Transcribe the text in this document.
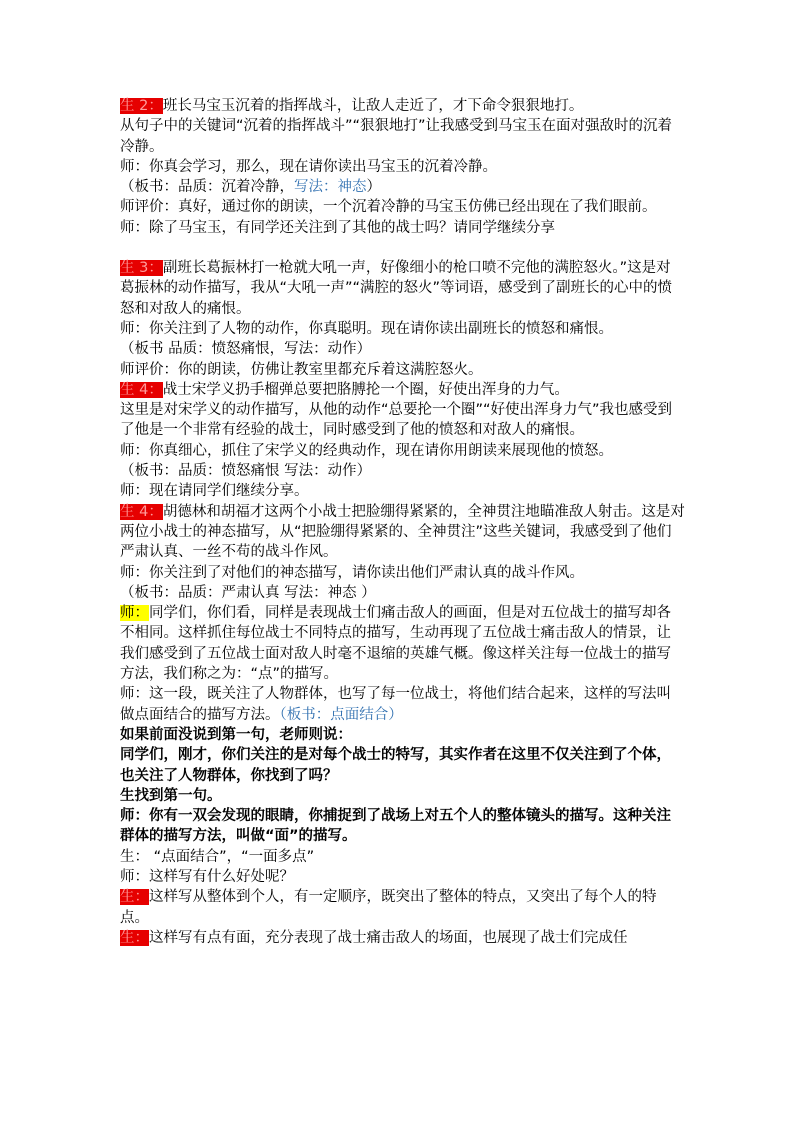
生 2：班长马宝玉沉着的指挥战斗，让敌人走近了，才下命令狠狠地打。

从句子中的关键词“沉着的指挥战斗”“狠狠地打”让我感受到马宝玉在面对强敌时的沉着冷静。

师：你真会学习，那么，现在请你读出马宝玉的沉着冷静。

（板书：品质：沉着冷静，写法：神态）

师评价：真好，通过你的朗读，一个沉着冷静的马宝玉仿佛已经出现在了我们眼前。

师：除了马宝玉，有同学还关注到了其他的战士吗？请同学继续分享

生 3：副班长葛振林打一枪就大吼一声，好像细小的枪口喷不完他的满腔怒火。”这是对葛振林的动作描写，我从“大吼一声”“满腔的怒火”等词语，感受到了副班长的心中的愤怒和对敌人的痛恨。

师：你关注到了人物的动作，你真聪明。现在请你读出副班长的愤怒和痛恨。

（板书 品质：愤怒痛恨，写法：动作）

师评价：你的朗读，仿佛让教室里都充斥着这满腔怒火。

生 4：战士宋学义扔手榴弹总要把胳膊抡一个圈，好使出浑身的力气。

这里是对宋学义的动作描写，从他的动作“总要抡一个圈”“好使出浑身力气”我也感受到了他是一个非常有经验的战士，同时感受到了他的愤怒和对敌人的痛恨。

师：你真细心，抓住了宋学义的经典动作，现在请你用朗读来展现他的愤怒。

（板书：品质：愤怒痛恨 写法：动作）

师：现在请同学们继续分享。

生 4：胡德林和胡福才这两个小战士把脸绷得紧紧的，全神贯注地瞄准敌人射击。这是对两位小战士的神态描写，从“把脸绷得紧紧的、全神贯注”这些关键词，我感受到了他们严肃认真、一丝不苟的战斗作风。

师：你关注到了对他们的神态描写，请你读出他们严肃认真的战斗作风。

（板书：品质：严肃认真 写法：神态 ）

师：同学们，你们看，同样是表现战士们痛击敌人的画面，但是对五位战士的描写却各不相同。这样抓住每位战士不同特点的描写，生动再现了五位战士痛击敌人的情景，让我们感受到了五位战士面对敌人时毫不退缩的英雄气概。像这样关注每一位战士的描写方法，我们称之为：“点”的描写。

师：这一段，既关注了人物群体，也写了每一位战士，将他们结合起来，这样的写法叫做点面结合的描写方法。（板书：点面结合）

如果前面没说到第一句，老师则说：

同学们，刚才，你们关注的是对每个战士的特写，其实作者在这里不仅关注到了个体，也关注了人物群体，你找到了吗？

生找到第一句。

师：你有一双会发现的眼睛，你捕捉到了战场上对五个人的整体镜头的描写。这种关注群体的描写方法，叫做“面”的描写。

生： “点面结合”，“一面多点”

师：这样写有什么好处呢？

生：这样写从整体到个人，有一定顺序，既突出了整体的特点，又突出了每个人的特点。

生：这样写有点有面，充分表现了战士痛击敌人的场面，也展现了战士们完成任
